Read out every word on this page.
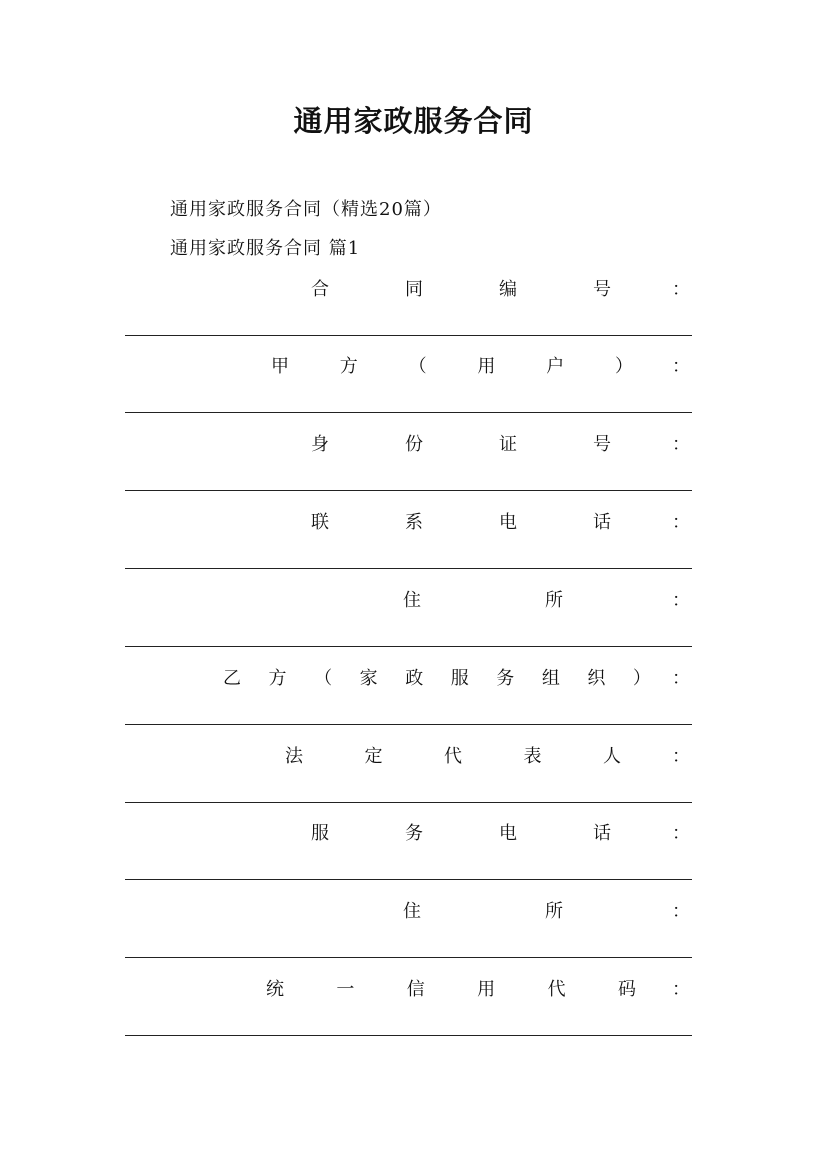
通用家政服务合同
通用家政服务合同（精选20篇）
通用家政服务合同 篇1
合	同	编	号	：
甲	方	（	用	户	） ：
身	份	证	号	：
联	系	电	话	：
住	所	：
乙 方 （ 家 政 服 务 组 织 ） ：
法	定	代	表	人	：
服	务	电	话	：
住	所	：
统	一	信	用	代	码 ：
